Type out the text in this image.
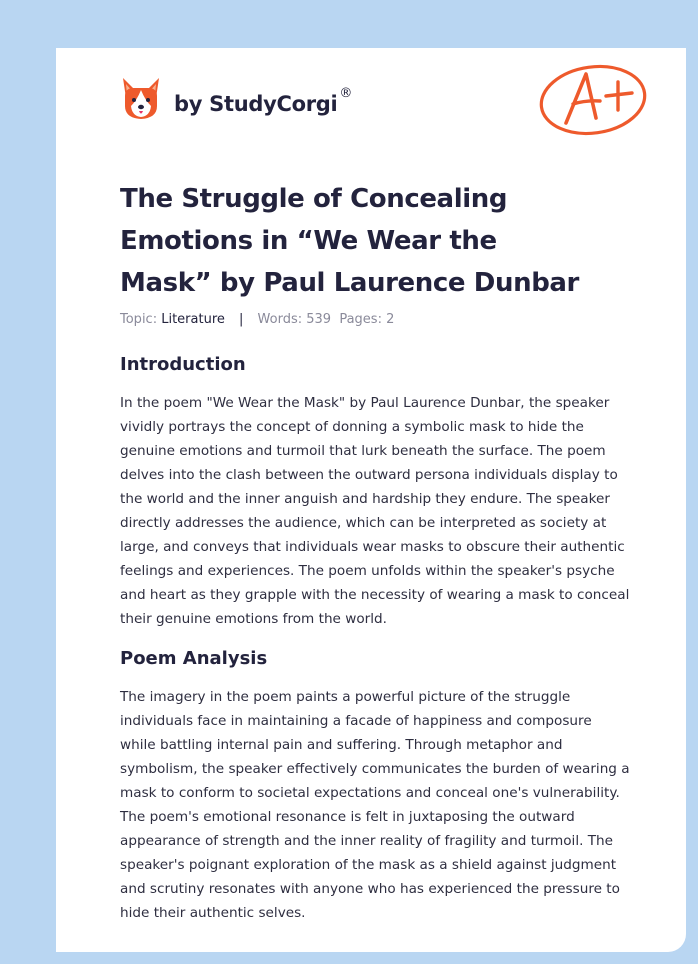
by StudyCorgi ®
The Struggle of Concealing Emotions in “We Wear the Mask” by Paul Laurence Dunbar
Topic: Literature | Words: 539 Pages: 2
Introduction

In the poem "We Wear the Mask" by Paul Laurence Dunbar, the speaker vividly portrays the concept of donning a symbolic mask to hide the genuine emotions and turmoil that lurk beneath the surface. The poem delves into the clash between the outward persona individuals display to the world and the inner anguish and hardship they endure. The speaker directly addresses the audience, which can be interpreted as society at large, and conveys that individuals wear masks to obscure their authentic feelings and experiences. The poem unfolds within the speaker's psyche and heart as they grapple with the necessity of wearing a mask to conceal their genuine emotions from the world.

Poem Analysis

The imagery in the poem paints a powerful picture of the struggle individuals face in maintaining a facade of happiness and composure while battling internal pain and suffering. Through metaphor and symbolism, the speaker effectively communicates the burden of wearing a mask to conform to societal expectations and conceal one's vulnerability. The poem's emotional resonance is felt in juxtaposing the outward appearance of strength and the inner reality of fragility and turmoil. The speaker's poignant exploration of the mask as a shield against judgment and scrutiny resonates with anyone who has experienced the pressure to hide their authentic selves.
